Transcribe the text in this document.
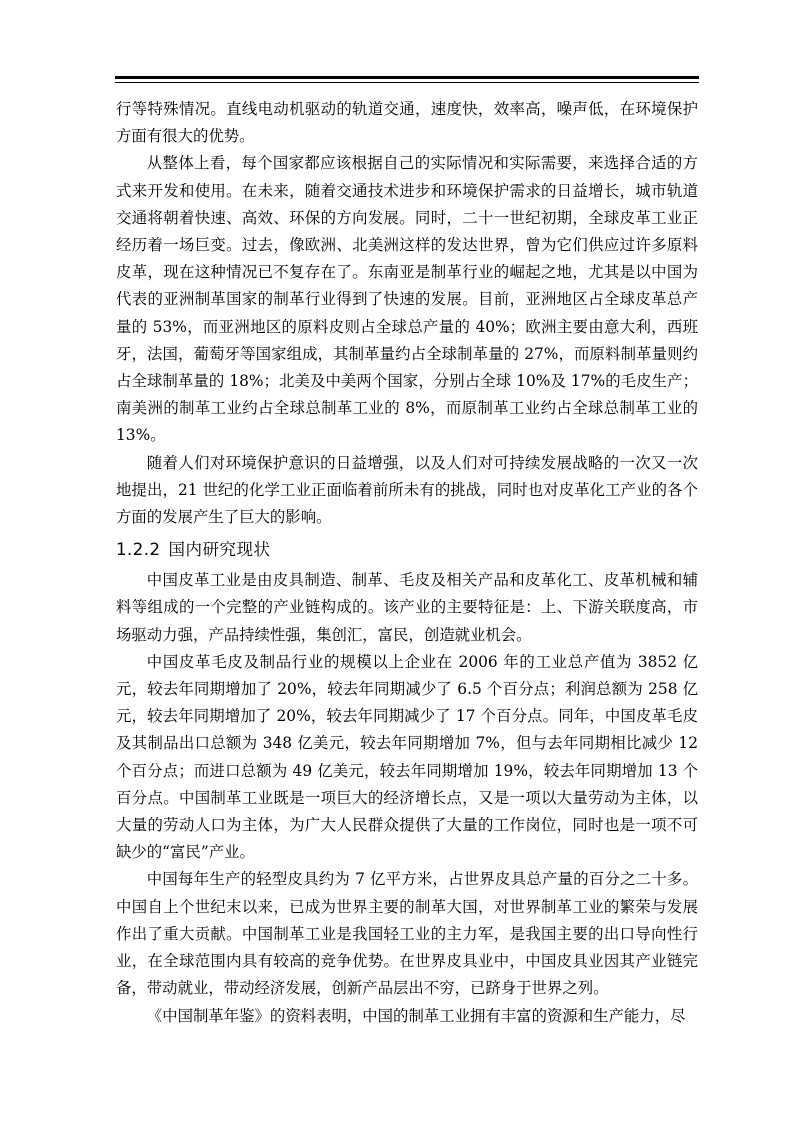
行等特殊情况。直线电动机驱动的轨道交通，速度快，效率高，噪声低，在环境保护方面有很大的优势。

从整体上看，每个国家都应该根据自己的实际情况和实际需要，来选择合适的方式来开发和使用。在未来，随着交通技术进步和环境保护需求的日益增长，城市轨道交通将朝着快速、高效、环保的方向发展。同时，二十一世纪初期，全球皮革工业正经历着一场巨变。过去，像欧洲、北美洲这样的发达世界，曾为它们供应过许多原料皮革，现在这种情况已不复存在了。东南亚是制革行业的崛起之地，尤其是以中国为代表的亚洲制革国家的制革行业得到了快速的发展。目前，亚洲地区占全球皮革总产量的 53%，而亚洲地区的原料皮则占全球总产量的 40%；欧洲主要由意大利，西班牙，法国，葡萄牙等国家组成，其制革量约占全球制革量的 27%，而原料制革量则约占全球制革量的 18%；北美及中美两个国家，分别占全球 10%及 17%的毛皮生产；南美洲的制革工业约占全球总制革工业的 8%，而原制革工业约占全球总制革工业的 13%。

随着人们对环境保护意识的日益增强，以及人们对可持续发展战略的一次又一次地提出，21 世纪的化学工业正面临着前所未有的挑战，同时也对皮革化工产业的各个方面的发展产生了巨大的影响。

1.2.2 国内研究现状

中国皮革工业是由皮具制造、制革、毛皮及相关产品和皮革化工、皮革机械和辅料等组成的一个完整的产业链构成的。该产业的主要特征是：上、下游关联度高，市场驱动力强，产品持续性强，集创汇，富民，创造就业机会。

中国皮革毛皮及制品行业的规模以上企业在 2006 年的工业总产值为 3852 亿元，较去年同期增加了 20%，较去年同期减少了 6.5 个百分点；利润总额为 258 亿元，较去年同期增加了 20%，较去年同期减少了 17 个百分点。同年，中国皮革毛皮及其制品出口总额为 348 亿美元，较去年同期增加 7%，但与去年同期相比减少 12 个百分点；而进口总额为 49 亿美元，较去年同期增加 19%，较去年同期增加 13 个百分点。中国制革工业既是一项巨大的经济增长点，又是一项以大量劳动为主体，以大量的劳动人口为主体，为广大人民群众提供了大量的工作岗位，同时也是一项不可缺少的“富民”产业。

中国每年生产的轻型皮具约为 7 亿平方米，占世界皮具总产量的百分之二十多。中国自上个世纪末以来，已成为世界主要的制革大国，对世界制革工业的繁荣与发展作出了重大贡献。中国制革工业是我国轻工业的主力军，是我国主要的出口导向性行业，在全球范围内具有较高的竞争优势。在世界皮具业中，中国皮具业因其产业链完备，带动就业，带动经济发展，创新产品层出不穷，已跻身于世界之列。

《中国制革年鉴》的资料表明，中国的制革工业拥有丰富的资源和生产能力，尽
